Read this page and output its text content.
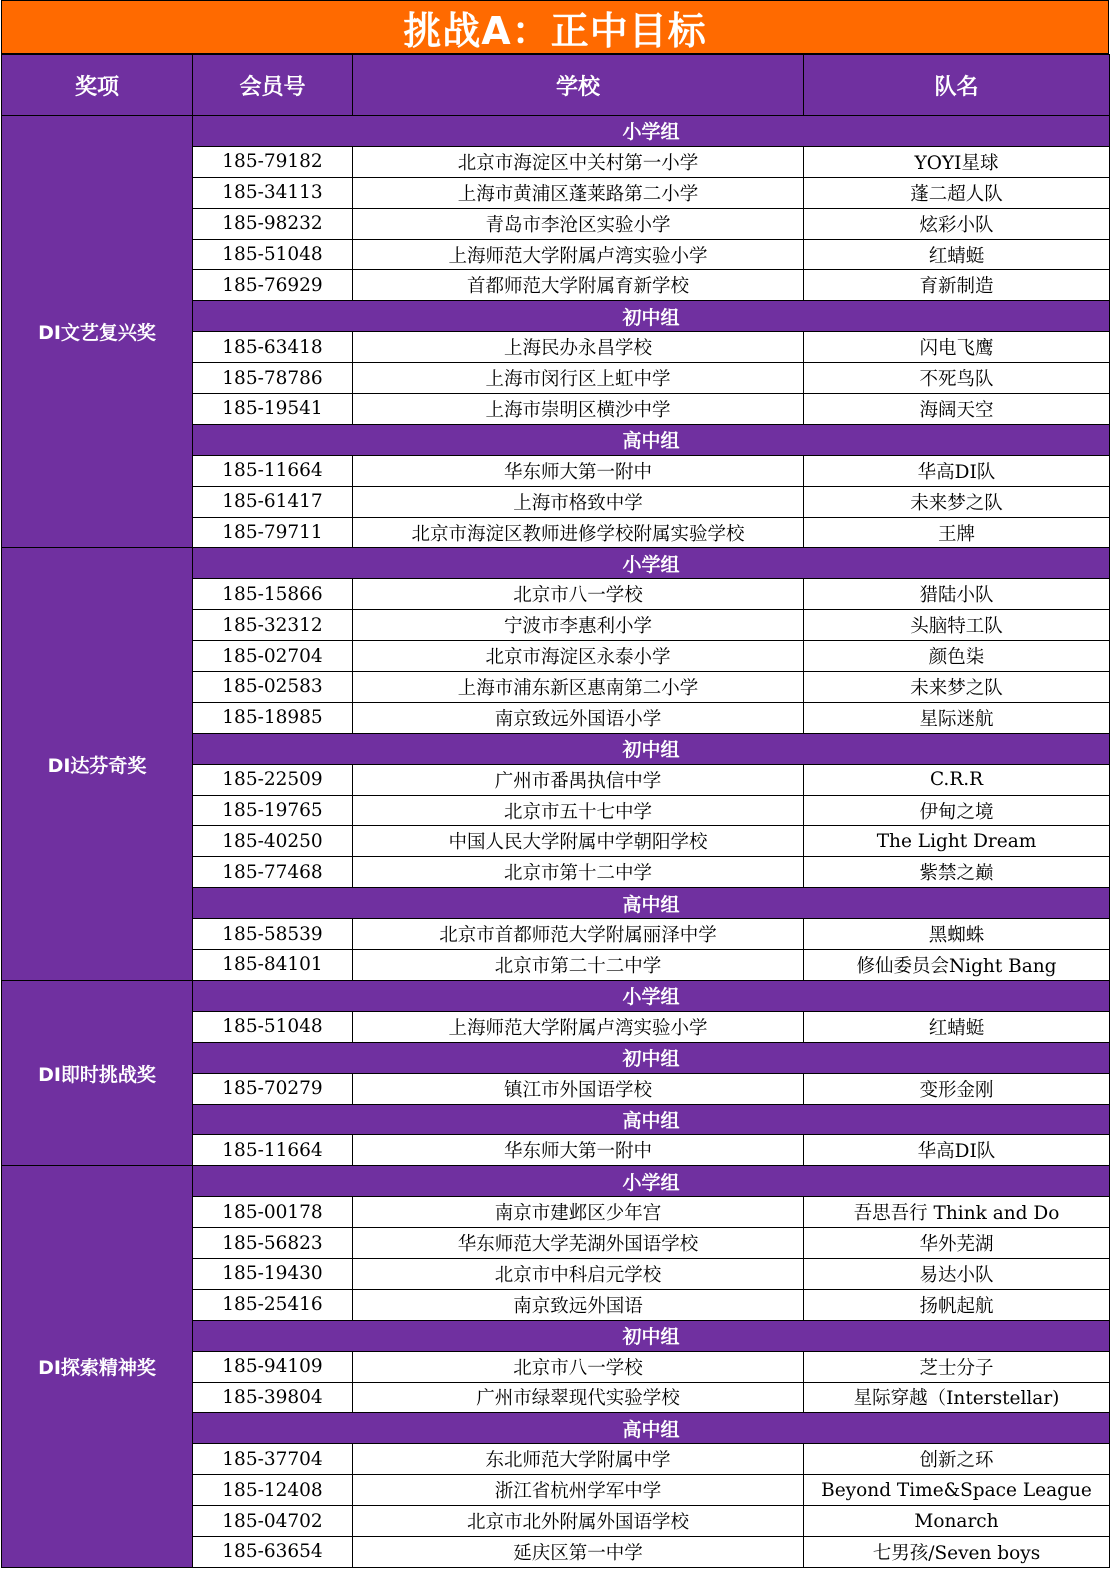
挑战A：正中目标
奖项	会员号	学校	队名
DI文艺复兴奖	小学组		
	185-79182	北京市海淀区中关村第一小学	YOYI星球
	185-34113	上海市黄浦区蓬莱路第二小学	蓬二超人队
	185-98232	青岛市李沧区实验小学	炫彩小队
	185-51048	上海师范大学附属卢湾实验小学	红蜻蜓
	185-76929	首都师范大学附属育新学校	育新制造
	初中组		
	185-63418	上海民办永昌学校	闪电飞鹰
	185-78786	上海市闵行区上虹中学	不死鸟队
	185-19541	上海市崇明区横沙中学	海阔天空
	高中组		
	185-11664	华东师大第一附中	华高DI队
	185-61417	上海市格致中学	未来梦之队
	185-79711	北京市海淀区教师进修学校附属实验学校	王牌
DI达芬奇奖	小学组		
	185-15866	北京市八一学校	猎陆小队
	185-32312	宁波市李惠利小学	头脑特工队
	185-02704	北京市海淀区永泰小学	颜色柒
	185-02583	上海市浦东新区惠南第二小学	未来梦之队
	185-18985	南京致远外国语小学	星际迷航
	初中组		
	185-22509	广州市番禺执信中学	C.R.R
	185-19765	北京市五十七中学	伊甸之境
	185-40250	中国人民大学附属中学朝阳学校	The Light Dream
	185-77468	北京市第十二中学	紫禁之巅
	高中组		
	185-58539	北京市首都师范大学附属丽泽中学	黑蜘蛛
	185-84101	北京市第二十二中学	修仙委员会Night Bang
DI即时挑战奖	小学组		
	185-51048	上海师范大学附属卢湾实验小学	红蜻蜓
	初中组		
	185-70279	镇江市外国语学校	变形金刚
	高中组		
	185-11664	华东师大第一附中	华高DI队
DI探索精神奖	小学组		
	185-00178	南京市建邺区少年宫	吾思吾行 Think and Do
	185-56823	华东师范大学芜湖外国语学校	华外芜湖
	185-19430	北京市中科启元学校	易达小队
	185-25416	南京致远外国语	扬帆起航
	初中组		
	185-94109	北京市八一学校	芝士分子
	185-39804	广州市绿翠现代实验学校	星际穿越（Interstellar)
	高中组		
	185-37704	东北师范大学附属中学	创新之环
	185-12408	浙江省杭州学军中学	Beyond Time&Space League
	185-04702	北京市北外附属外国语学校	Monarch
	185-63654	延庆区第一中学	七男孩/Seven boys
